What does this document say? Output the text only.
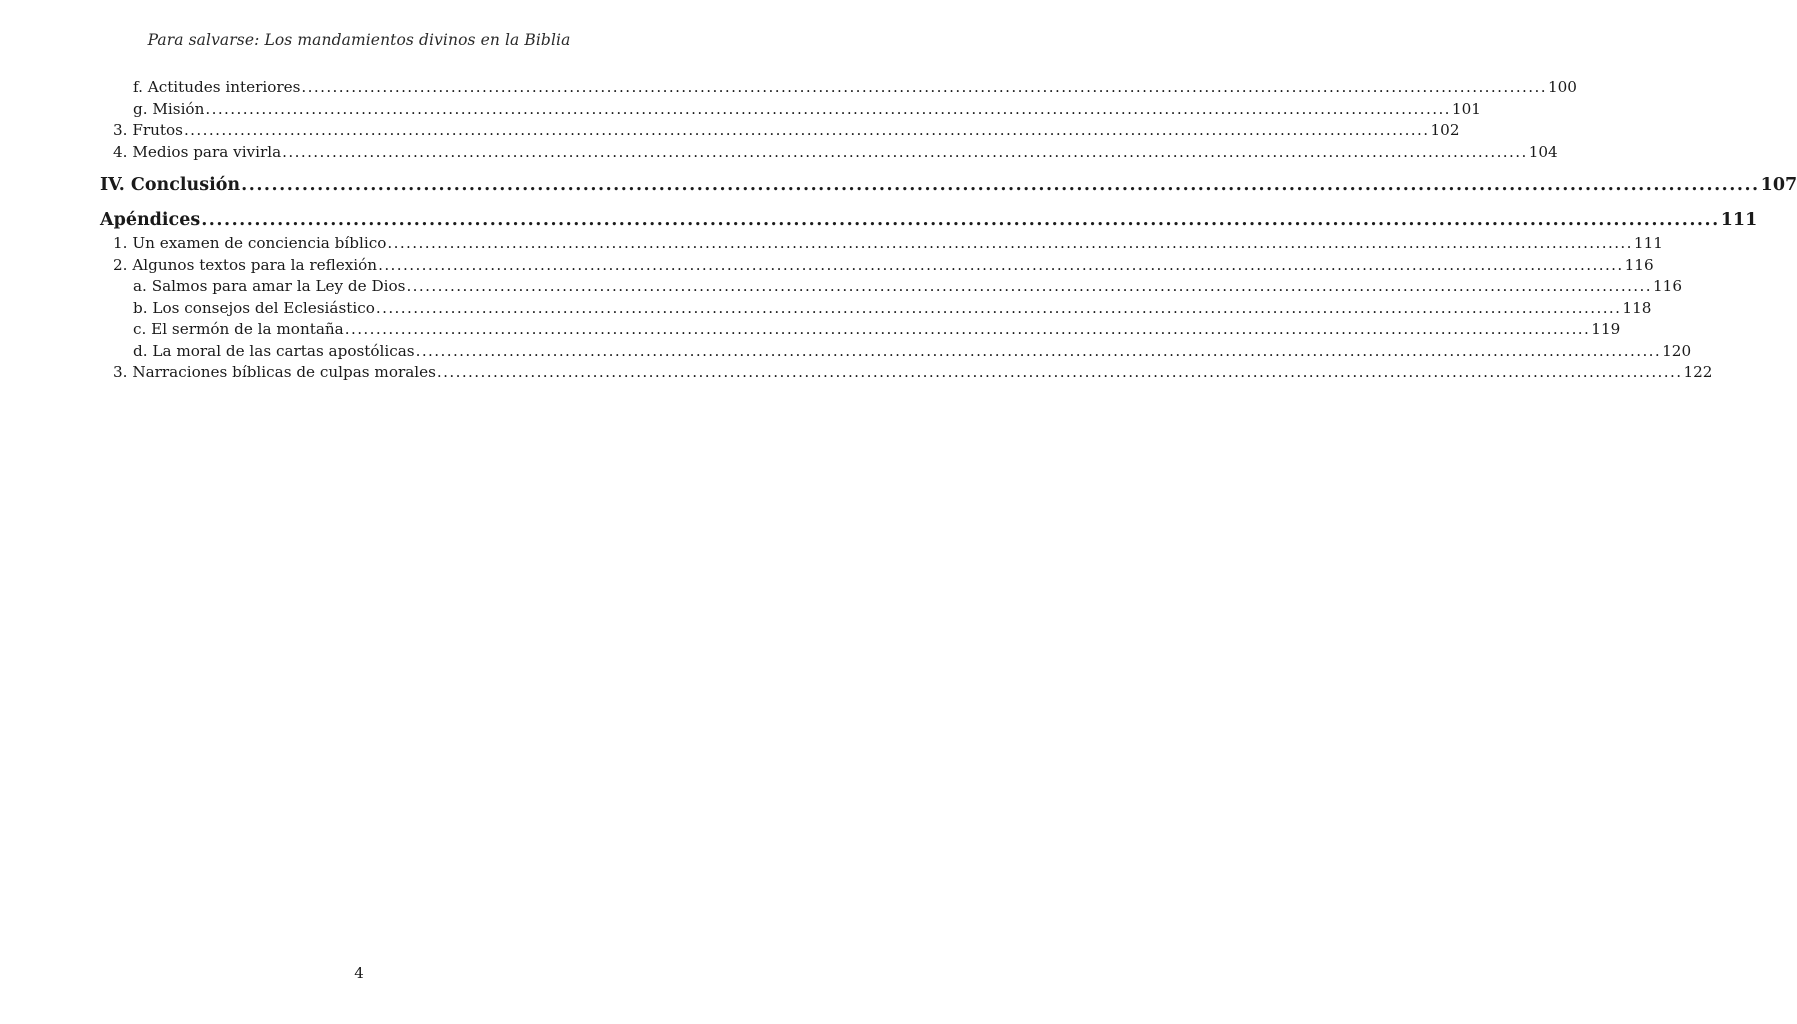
Para salvarse: Los mandamientos divinos en la Biblia
f. Actitudes interiores ........................................................................................................................................................................................................ 100
g. Misión ........................................................................................................................................................................................................ 101
3. Frutos ........................................................................................................................................................................................................ 102
4. Medios para vivirla ........................................................................................................................................................................................................ 104
IV. Conclusión ........................................................................................................................................................................................................ 107
Apéndices ........................................................................................................................................................................................................ 111
1. Un examen de conciencia bíblico ........................................................................................................................................................................................................ 111
2. Algunos textos para la reflexión ........................................................................................................................................................................................................ 116
a. Salmos para amar la Ley de Dios ........................................................................................................................................................................................................ 116
b. Los consejos del Eclesiástico ........................................................................................................................................................................................................ 118
c. El sermón de la montaña ........................................................................................................................................................................................................ 119
d. La moral de las cartas apostólicas ........................................................................................................................................................................................................ 120
3. Narraciones bíblicas de culpas morales ........................................................................................................................................................................................................ 122
4
